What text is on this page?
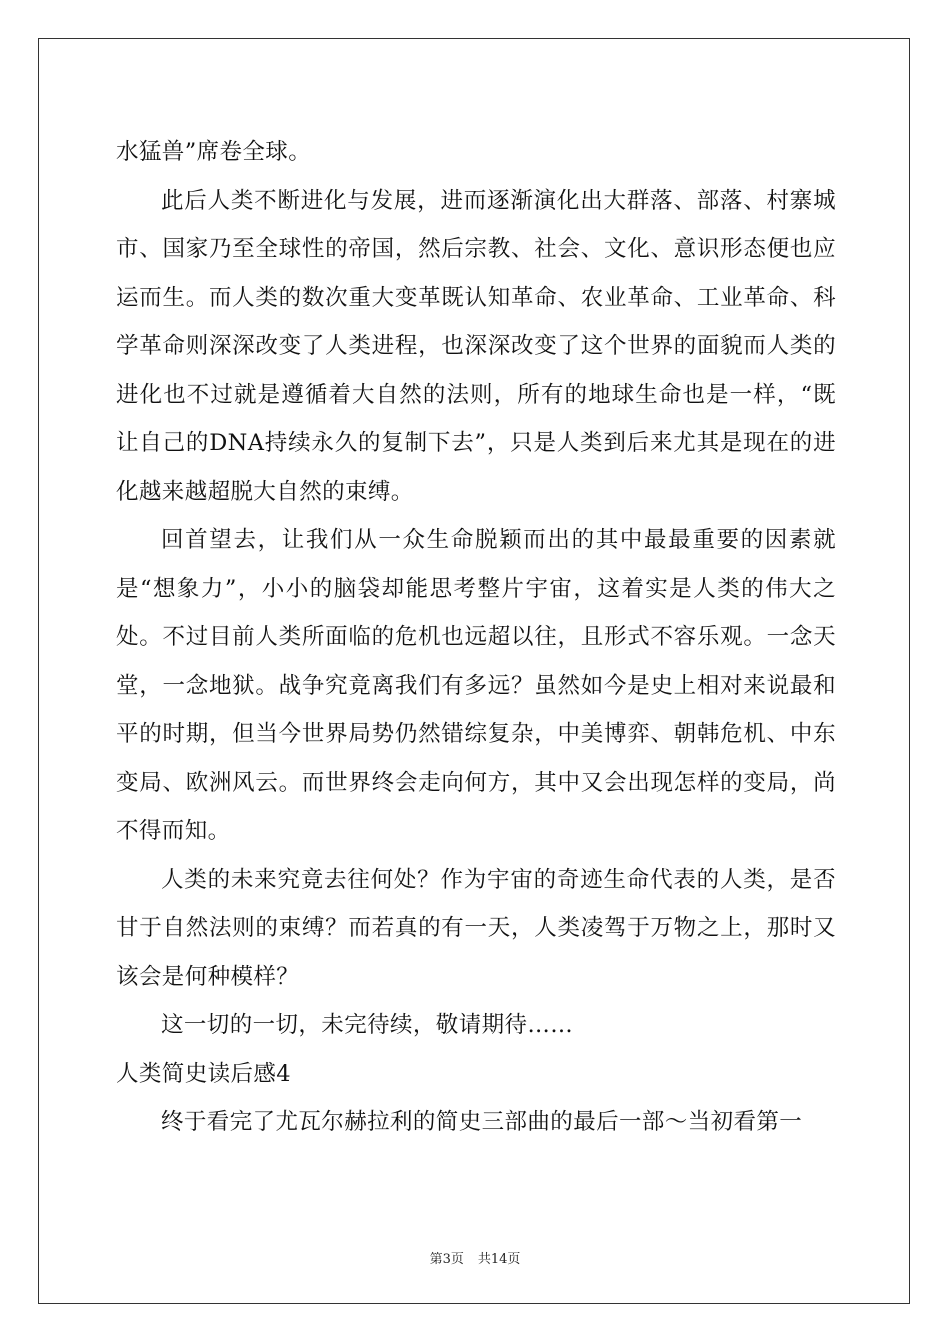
水猛兽”席卷全球。

此后人类不断进化与发展，进而逐渐演化出大群落、部落、村寨城市、国家乃至全球性的帝国，然后宗教、社会、文化、意识形态便也应运而生。而人类的数次重大变革既认知革命、农业革命、工业革命、科学革命则深深改变了人类进程，也深深改变了这个世界的面貌而人类的进化也不过就是遵循着大自然的法则，所有的地球生命也是一样，“既让自己的DNA持续永久的复制下去”，只是人类到后来尤其是现在的进化越来越超脱大自然的束缚。

回首望去，让我们从一众生命脱颖而出的其中最最重要的因素就是“想象力”，小小的脑袋却能思考整片宇宙，这着实是人类的伟大之处。不过目前人类所面临的危机也远超以往，且形式不容乐观。一念天堂，一念地狱。战争究竟离我们有多远？虽然如今是史上相对来说最和平的时期，但当今世界局势仍然错综复杂，中美博弈、朝韩危机、中东变局、欧洲风云。而世界终会走向何方，其中又会出现怎样的变局，尚不得而知。

人类的未来究竟去往何处？作为宇宙的奇迹生命代表的人类，是否甘于自然法则的束缚？而若真的有一天，人类凌驾于万物之上，那时又该会是何种模样？

这一切的一切，未完待续，敬请期待……

人类简史读后感4

终于看完了尤瓦尔赫拉利的简史三部曲的最后一部～当初看第一

第3页 共14页
